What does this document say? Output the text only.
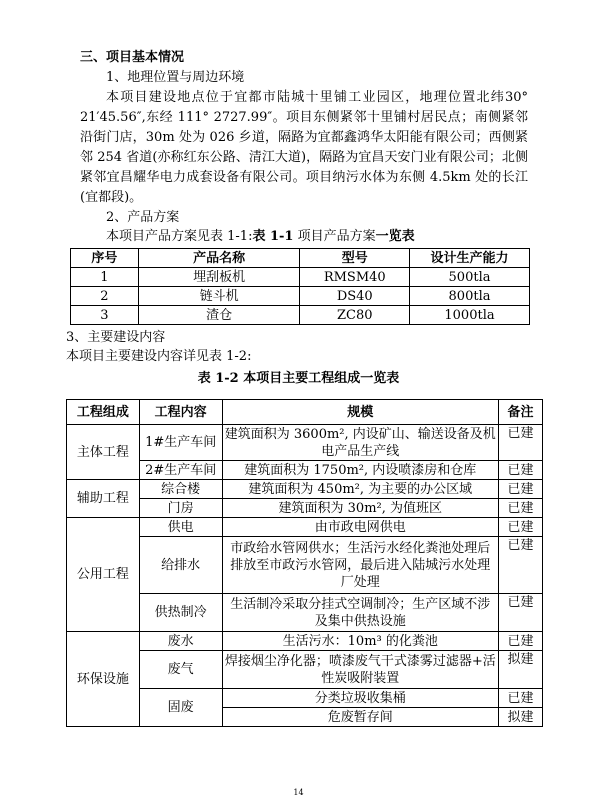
三、项目基本情况
1、地理位置与周边环境
本项目建设地点位于宜都市陆城十里铺工业园区，地理位置北纬30° 21′45.56″,东经 111° 2727.99″。项目东侧紧邻十里铺村居民点；南侧紧邻沿街门店，30m 处为 026 乡道，隔路为宜都鑫鸿华太阳能有限公司；西侧紧邻 254 省道(亦称红东公路、清江大道)，隔路为宜昌天安门业有限公司；北侧紧邻宜昌耀华电力成套设备有限公司。项目纳污水体为东侧 4.5km 处的长江(宜都段)。
2、产品方案
本项目产品方案见表 1-1:表 1-1 项目产品方案一览表
序号	产品名称	型号	设计生产能力
1	埋刮板机	RMSM40	500tla
2	链斗机	DS40	800tla
3	渣仓	ZC80	1000tla
3、主要建设内容
本项目主要建设内容详见表 1-2:
表 1-2 本项目主要工程组成一览表
工程组成	工程内容	规模	备注
主体工程	1#生产车间	建筑面积为 3600m², 内设矿山、输送设备及机电产品生产线	已建
	2#生产车间	建筑面积为 1750m², 内设喷漆房和仓库	已建
辅助工程	综合楼	建筑面积为 450m², 为主要的办公区域	已建
	门房	建筑面积为 30m², 为值班区	已建
公用工程	供电	由市政电网供电	已建
	给排水	市政给水管网供水；生活污水经化粪池处理后排放至市政污水管网，最后进入陆城污水处理厂处理	已建
	供热制冷	生活制冷采取分挂式空调制冷；生产区域不涉及集中供热设施	已建
环保设施	废水	生活污水：10m³ 的化粪池	已建
	废气	焊接烟尘净化器；喷漆废气干式漆雾过滤器+活性炭吸附装置	拟建
	固废	分类垃圾收集桶	已建
		危废暂存间	拟建
14
